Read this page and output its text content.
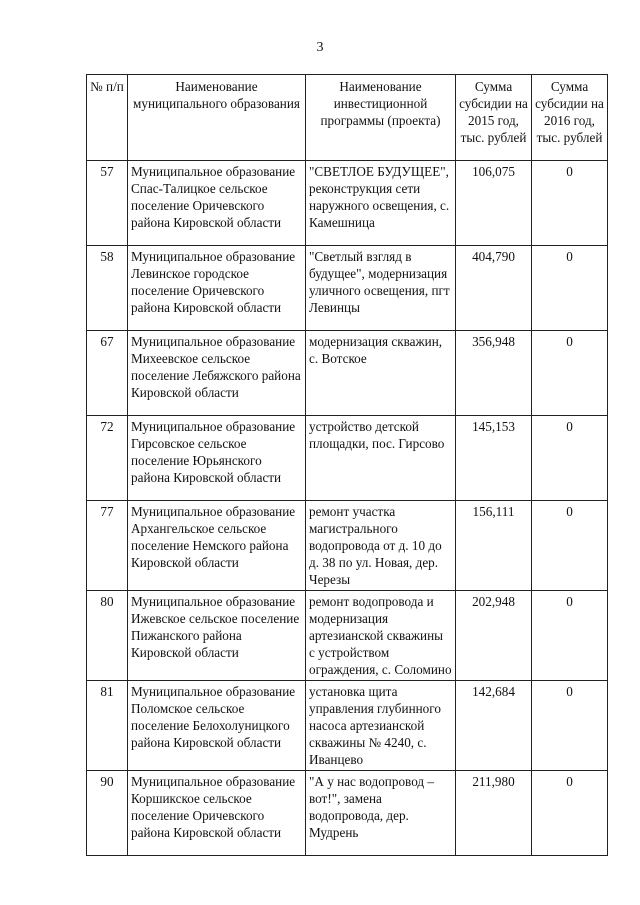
3
№ п/п	Наименование муниципального образования	Наименование инвестиционной программы (проекта)	Сумма субсидии на 2015 год, тыс. рублей	Сумма субсидии на 2016 год, тыс. рублей
57	Муниципальное образование Спас-Талицкое сельское поселение Оричевского района Кировской области	"СВЕТЛОЕ БУДУЩЕЕ", реконструкция сети наружного освещения, с. Камешница	106,075	0
58	Муниципальное образование Левинское городское поселение Оричевского района Кировской области	"Светлый взгляд в будущее", модернизация уличного освещения, пгт Левинцы	404,790	0
67	Муниципальное образование Михеевское сельское поселение Лебяжского района Кировской области	модернизация скважин, с. Вотское	356,948	0
72	Муниципальное образование Гирсовское сельское поселение Юрьянского района Кировской области	устройство детской площадки, пос. Гирсово	145,153	0
77	Муниципальное образование Архангельское сельское поселение Немского района Кировской области	ремонт участка магистрального водопровода от д. 10 до д. 38 по ул. Новая, дер. Черезы	156,111	0
80	Муниципальное образование Ижевское сельское поселение Пижанского района Кировской области	ремонт водопровода и модернизация артезианской скважины с устройством ограждения, с. Соломино	202,948	0
81	Муниципальное образование Поломское сельское поселение Белохолуницкого района Кировской области	установка щита управления глубинного насоса артезианской скважины № 4240, с. Иванцево	142,684	0
90	Муниципальное образование Коршикское сельское поселение Оричевского района Кировской области	"А у нас водопровод – вот!", замена водопровода, дер. Мудрень	211,980	0
